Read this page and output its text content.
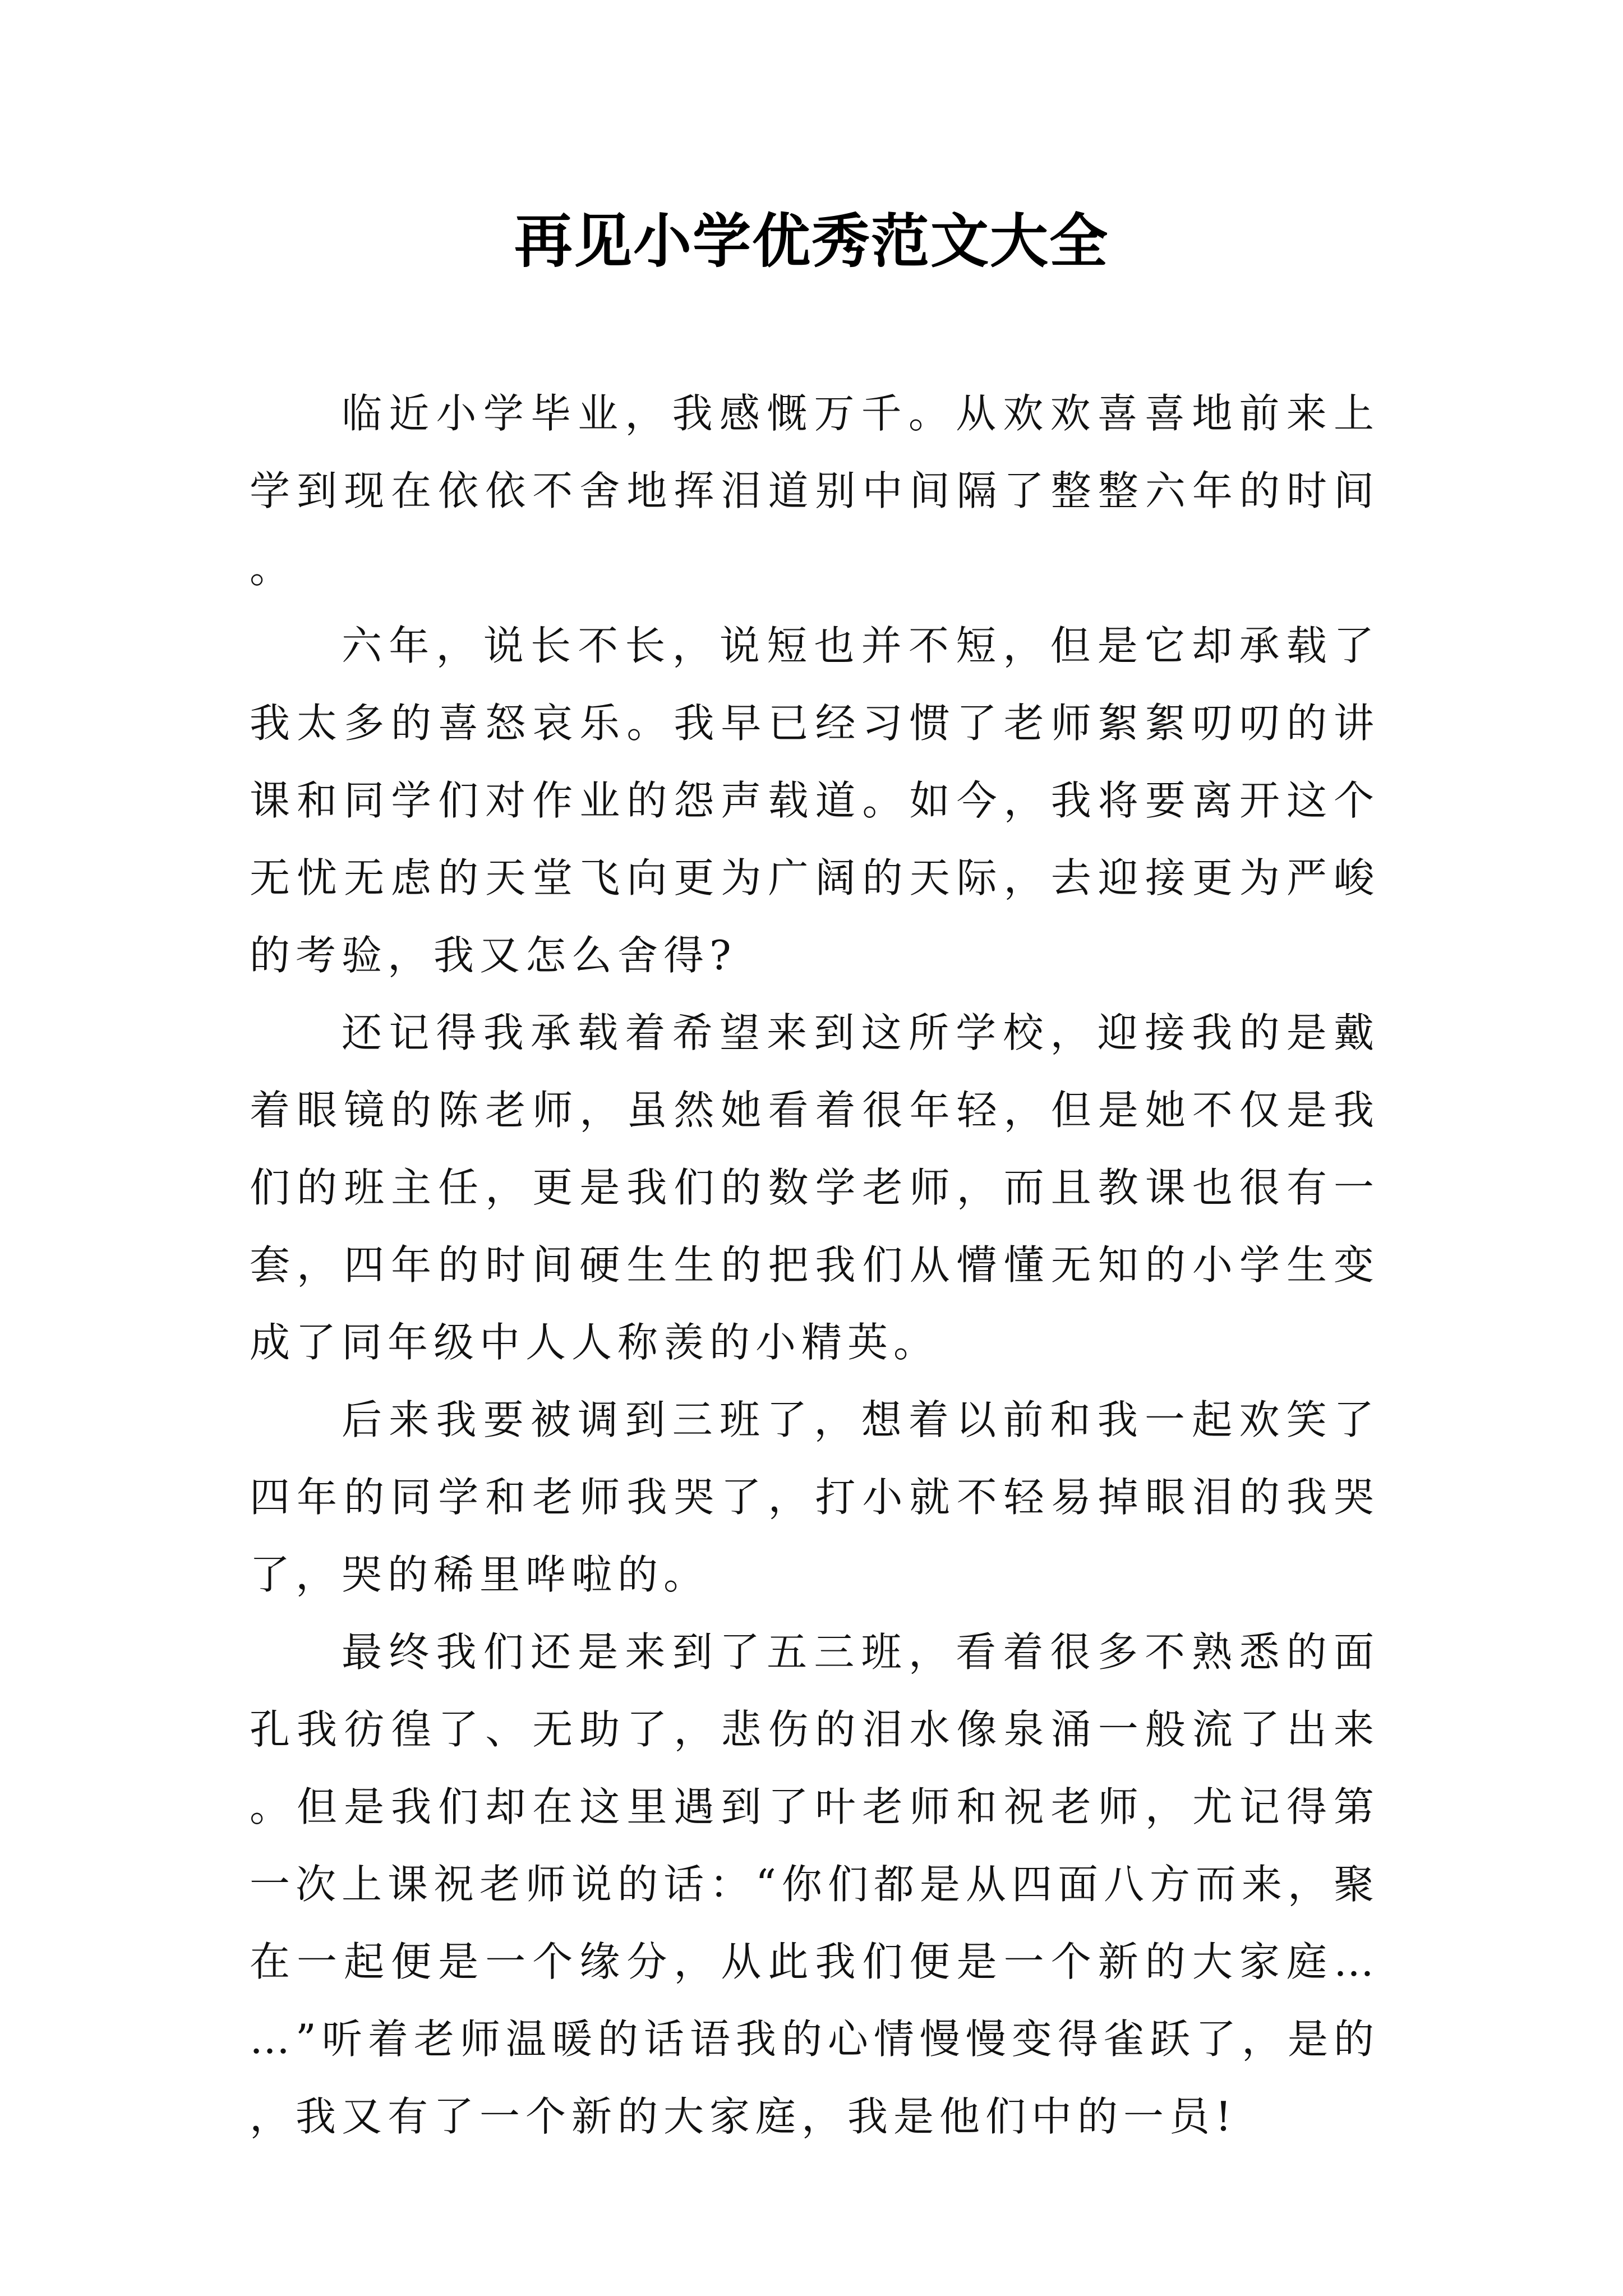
再见小学优秀范文大全

临近小学毕业，我感慨万千。从欢欢喜喜地前来上学到现在依依不舍地挥泪道别中间隔了整整六年的时间。

六年，说长不长，说短也并不短，但是它却承载了我太多的喜怒哀乐。我早已经习惯了老师絮絮叨叨的讲课和同学们对作业的怨声载道。如今，我将要离开这个无忧无虑的天堂飞向更为广阔的天际，去迎接更为严峻的考验，我又怎么舍得?

还记得我承载着希望来到这所学校，迎接我的是戴着眼镜的陈老师，虽然她看着很年轻，但是她不仅是我们的班主任，更是我们的数学老师，而且教课也很有一套，四年的时间硬生生的把我们从懵懂无知的小学生变成了同年级中人人称羡的小精英。

后来我要被调到三班了，想着以前和我一起欢笑了四年的同学和老师我哭了，打小就不轻易掉眼泪的我哭了，哭的稀里哗啦的。

最终我们还是来到了五三班，看着很多不熟悉的面孔我彷徨了、无助了，悲伤的泪水像泉涌一般流了出来。但是我们却在这里遇到了叶老师和祝老师，尤记得第一次上课祝老师说的话：“你们都是从四面八方而来，聚在一起便是一个缘分，从此我们便是一个新的大家庭……”听着老师温暖的话语我的心情慢慢变得雀跃了，是的，我又有了一个新的大家庭，我是他们中的一员!
